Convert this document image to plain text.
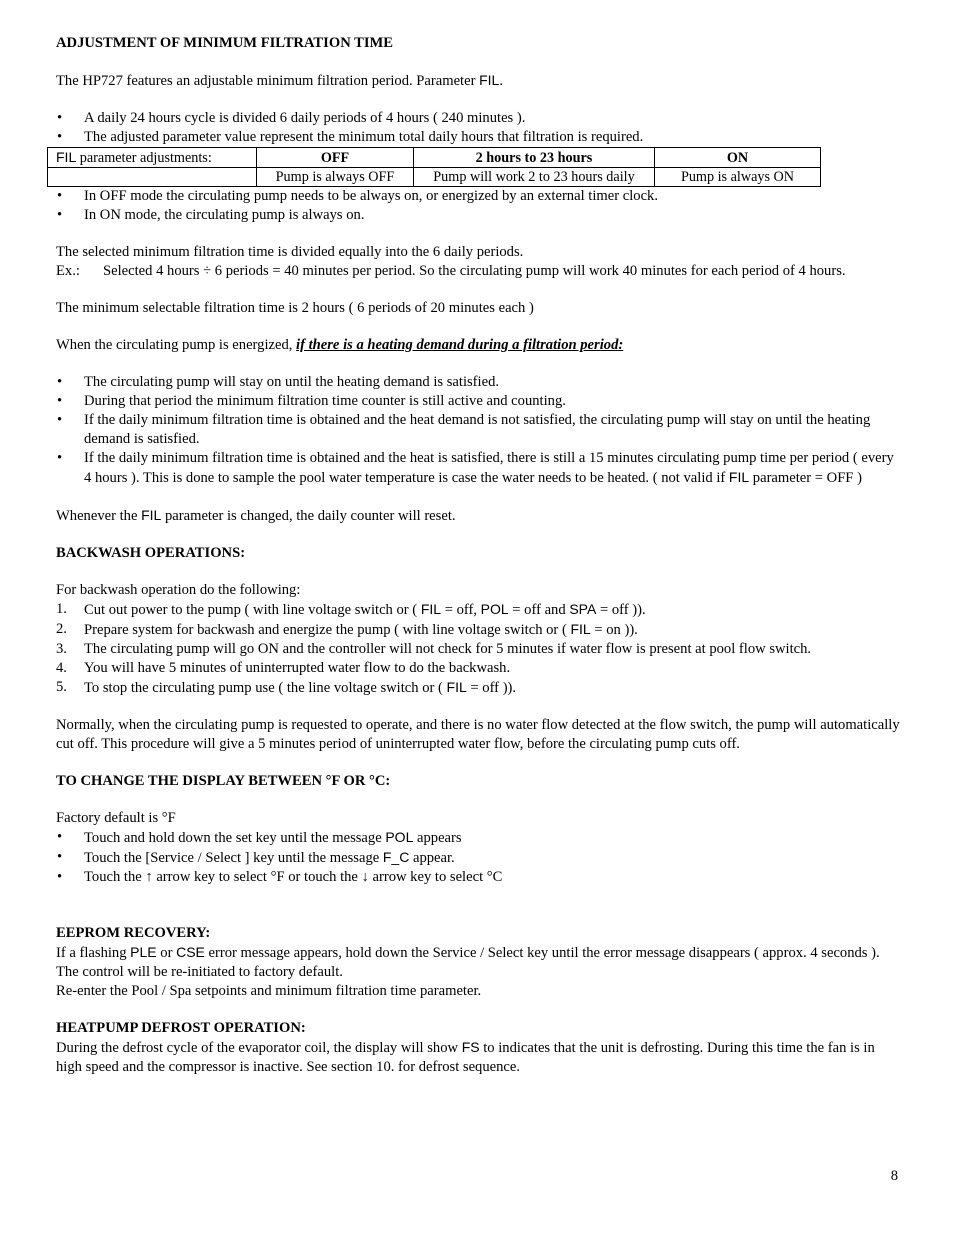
ADJUSTMENT OF MINIMUM FILTRATION TIME

The HP727 features an adjustable minimum filtration period. Parameter FIL.

• A daily 24 hours cycle is divided 6 daily periods of 4 hours ( 240 minutes ).
• The adjusted parameter value represent the minimum total daily hours that filtration is required.
FIL parameter adjustments:	OFF	2 hours to 23 hours	ON
	Pump is always OFF	Pump will work 2 to 23 hours daily	Pump is always ON
• In OFF mode the circulating pump needs to be always on, or energized by an external timer clock.
• In ON mode, the circulating pump is always on.

The selected minimum filtration time is divided equally into the 6 daily periods.

Ex.:	Selected 4 hours ÷ 6 periods = 40 minutes per period. So the circulating pump will work 40 minutes for each period of 4 hours.

The minimum selectable filtration time is 2 hours ( 6 periods of 20 minutes each )

When the circulating pump is energized, if there is a heating demand during a filtration period:

• The circulating pump will stay on until the heating demand is satisfied.
• During that period the minimum filtration time counter is still active and counting.
• If the daily minimum filtration time is obtained and the heat demand is not satisfied, the circulating pump will stay on until the heating demand is satisfied.
• If the daily minimum filtration time is obtained and the heat is satisfied, there is still a 15 minutes circulating pump time per period ( every 4 hours ). This is done to sample the pool water temperature is case the water needs to be heated. ( not valid if FIL parameter = OFF )

Whenever the FIL parameter is changed, the daily counter will reset.

BACKWASH OPERATIONS:

For backwash operation do the following:

1. Cut out power to the pump ( with line voltage switch or ( FIL = off, POL = off and SPA = off )).
2. Prepare system for backwash and energize the pump ( with line voltage switch or ( FIL = on )).
3. The circulating pump will go ON and the controller will not check for 5 minutes if water flow is present at pool flow switch.
4. You will have 5 minutes of uninterrupted water flow to do the backwash.
5. To stop the circulating pump use ( the line voltage switch or ( FIL = off )).

Normally, when the circulating pump is requested to operate, and there is no water flow detected at the flow switch, the pump will automatically cut off. This procedure will give a 5 minutes period of uninterrupted water flow, before the circulating pump cuts off.

TO CHANGE THE DISPLAY BETWEEN °F OR °C:

Factory default is °F

• Touch and hold down the set key until the message POL appears
• Touch the [Service / Select ] key until the message F_C appear.
• Touch the ↑ arrow key to select °F or touch the ↓ arrow key to select °C

EEPROM RECOVERY:

If a flashing PLE or CSE error message appears, hold down the Service / Select key until the error message disappears ( approx. 4 seconds ). The control will be re-initiated to factory default.

Re-enter the Pool / Spa setpoints and minimum filtration time parameter.

HEATPUMP DEFROST OPERATION:

During the defrost cycle of the evaporator coil, the display will show FS to indicates that the unit is defrosting. During this time the fan is in high speed and the compressor is inactive. See section 10. for defrost sequence.

8
